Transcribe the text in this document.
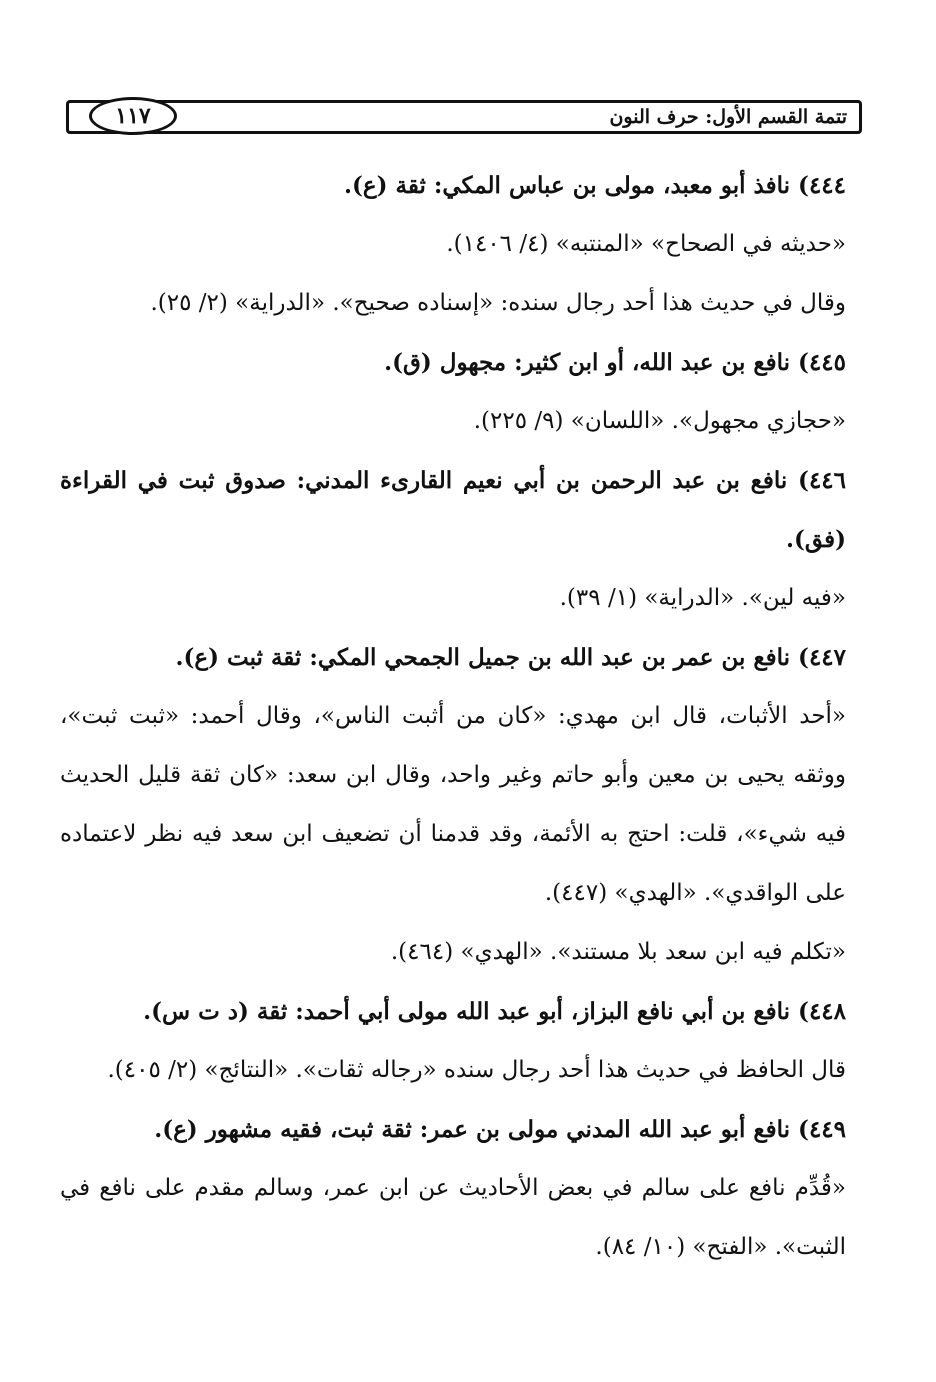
تتمة القسم الأول: حرف النون
١١٧

٤٤٤) نافذ أبو معبد، مولى بن عباس المكي: ثقة (ع).

«حديثه في الصحاح» «المنتبه» (٤/ ١٤٠٦).

وقال في حديث هذا أحد رجال سنده: «إسناده صحيح». «الدراية» (٢/ ٢٥).

٤٤٥) نافع بن عبد الله، أو ابن كثير: مجهول (ق).

«حجازي مجهول». «اللسان» (٩/ ٢٢٥).

٤٤٦) نافع بن عبد الرحمن بن أبي نعيم القارىء المدني: صدوق ثبت في القراءة (فق).

«فيه لين». «الدراية» (١/ ٣٩).

٤٤٧) نافع بن عمر بن عبد الله بن جميل الجمحي المكي: ثقة ثبت (ع).

«أحد الأثبات، قال ابن مهدي: «كان من أثبت الناس»، وقال أحمد: «ثبت ثبت»، ووثقه يحيى بن معين وأبو حاتم وغير واحد، وقال ابن سعد: «كان ثقة قليل الحديث فيه شيء»، قلت: احتج به الأئمة، وقد قدمنا أن تضعيف ابن سعد فيه نظر لاعتماده على الواقدي». «الهدي» (٤٤٧).

«تكلم فيه ابن سعد بلا مستند». «الهدي» (٤٦٤).

٤٤٨) نافع بن أبي نافع البزاز، أبو عبد الله مولى أبي أحمد: ثقة (د ت س).

قال الحافظ في حديث هذا أحد رجال سنده «رجاله ثقات». «النتائج» (٢/ ٤٠٥).

٤٤٩) نافع أبو عبد الله المدني مولى بن عمر: ثقة ثبت، فقيه مشهور (ع).

«قُدِّم نافع على سالم في بعض الأحاديث عن ابن عمر، وسالم مقدم على نافع في الثبت». «الفتح» (١٠/ ٨٤).
